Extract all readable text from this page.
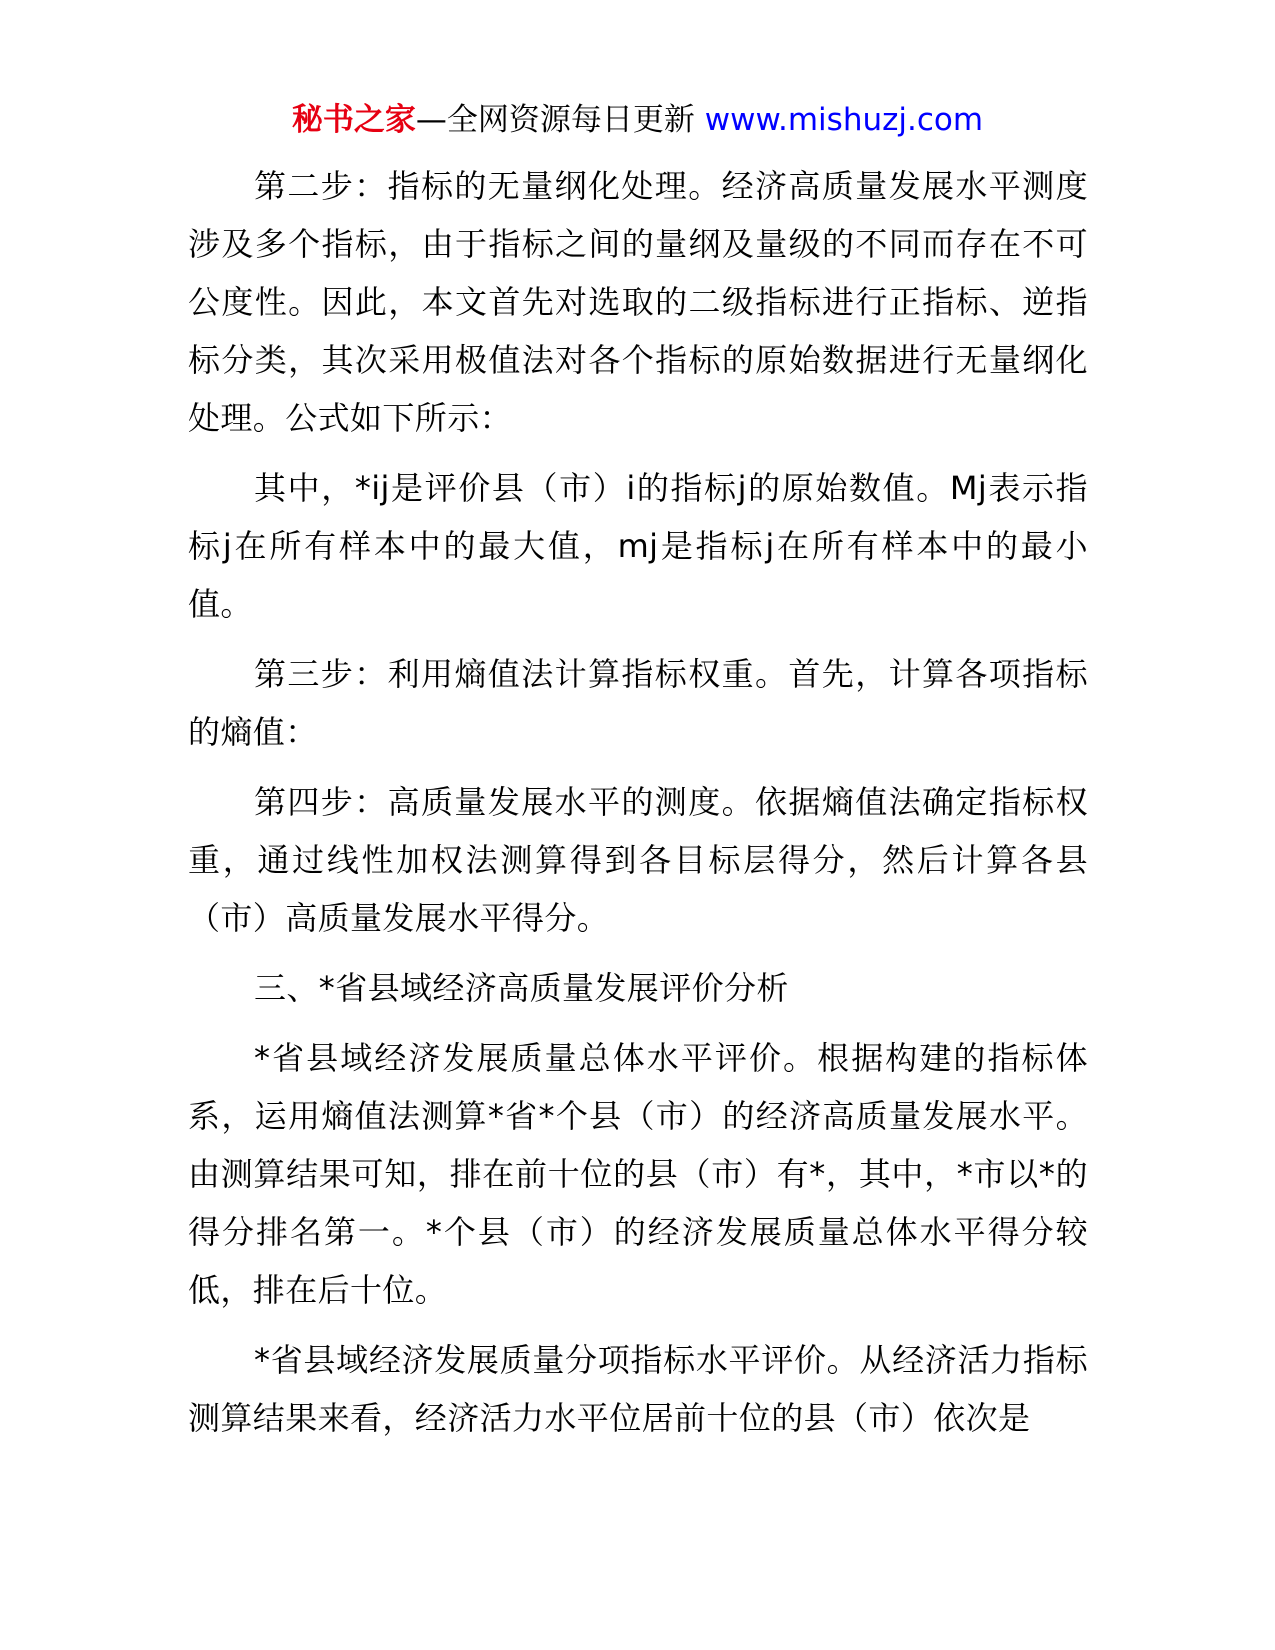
秘书之家—全网资源每日更新 www.mishuzj.com

第二步：指标的无量纲化处理。经济高质量发展水平测度涉及多个指标，由于指标之间的量纲及量级的不同而存在不可公度性。因此，本文首先对选取的二级指标进行正指标、逆指标分类，其次采用极值法对各个指标的原始数据进行无量纲化处理。公式如下所示：

其中，*ij是评价县（市）i的指标j的原始数值。Mj表示指标j在所有样本中的最大值，mj是指标j在所有样本中的最小值。

第三步：利用熵值法计算指标权重。首先，计算各项指标的熵值：

第四步：高质量发展水平的测度。依据熵值法确定指标权重，通过线性加权法测算得到各目标层得分，然后计算各县（市）高质量发展水平得分。

三、*省县域经济高质量发展评价分析

*省县域经济发展质量总体水平评价。根据构建的指标体系，运用熵值法测算*省*个县（市）的经济高质量发展水平。由测算结果可知，排在前十位的县（市）有*，其中，*市以*的得分排名第一。*个县（市）的经济发展质量总体水平得分较低，排在后十位。

*省县域经济发展质量分项指标水平评价。从经济活力指标测算结果来看，经济活力水平位居前十位的县（市）依次是
